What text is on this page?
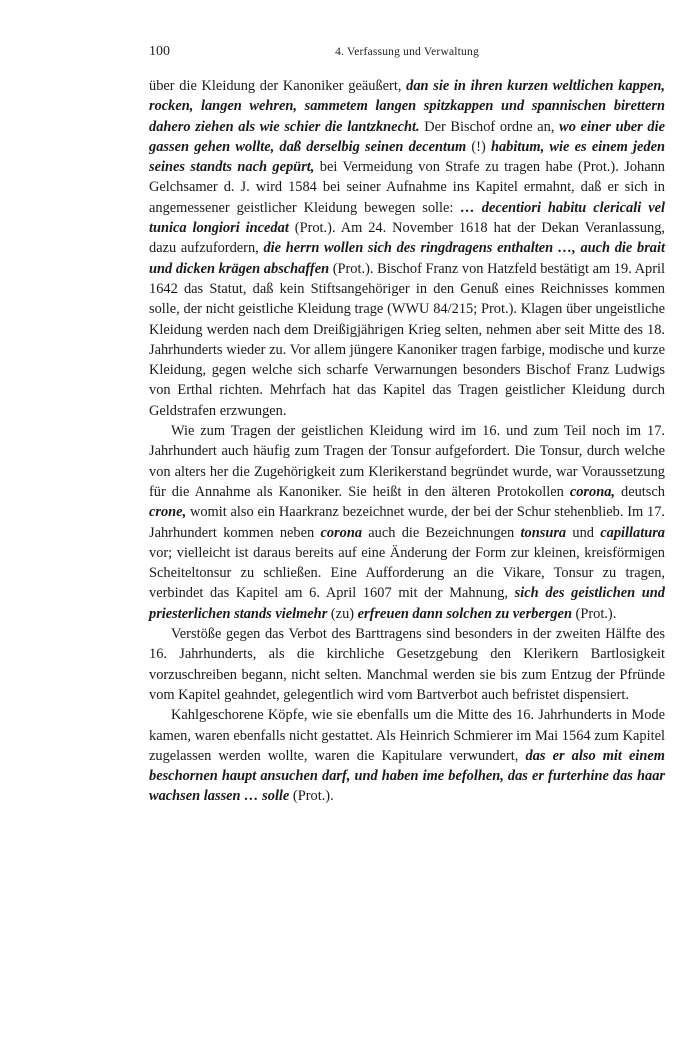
100	4. Verfassung und Verwaltung

über die Kleidung der Kanoniker geäußert, dan sie in ihren kurzen weltlichen kappen, rocken, langen wehren, sammetem langen spitzkappen und spannischen birettern dahero ziehen als wie schier die lantzknecht. Der Bischof ordne an, wo einer uber die gassen gehen wollte, daß derselbig seinen decentum (!) habitum, wie es einem jeden seines standts nach gepürt, bei Vermeidung von Strafe zu tragen habe (Prot.). Johann Gelchsamer d. J. wird 1584 bei seiner Aufnahme ins Kapitel ermahnt, daß er sich in angemessener geistlicher Kleidung bewegen solle: … decentiori habitu clericali vel tunica longiori incedat (Prot.). Am 24. November 1618 hat der Dekan Veranlassung, dazu aufzufordern, die herrn wollen sich des ringdragens enthalten …, auch die brait und dicken krägen abschaffen (Prot.). Bischof Franz von Hatzfeld bestätigt am 19. April 1642 das Statut, daß kein Stiftsangehöriger in den Genuß eines Reichnisses kommen solle, der nicht geistliche Kleidung trage (WWU 84/215; Prot.). Klagen über ungeistliche Kleidung werden nach dem Dreißigjährigen Krieg selten, nehmen aber seit Mitte des 18. Jahrhunderts wieder zu. Vor allem jüngere Kanoniker tragen farbige, modische und kurze Kleidung, gegen welche sich scharfe Verwarnungen besonders Bischof Franz Ludwigs von Erthal richten. Mehrfach hat das Kapitel das Tragen geistlicher Kleidung durch Geldstrafen erzwungen.

Wie zum Tragen der geistlichen Kleidung wird im 16. und zum Teil noch im 17. Jahrhundert auch häufig zum Tragen der Tonsur aufgefordert. Die Tonsur, durch welche von alters her die Zugehörigkeit zum Klerikerstand begründet wurde, war Voraussetzung für die Annahme als Kanoniker. Sie heißt in den älteren Protokollen corona, deutsch crone, womit also ein Haarkranz bezeichnet wurde, der bei der Schur stehenblieb. Im 17. Jahrhundert kommen neben corona auch die Bezeichnungen tonsura und capillatura vor; vielleicht ist daraus bereits auf eine Änderung der Form zur kleinen, kreisförmigen Scheiteltonsur zu schließen. Eine Aufforderung an die Vikare, Tonsur zu tragen, verbindet das Kapitel am 6. April 1607 mit der Mahnung, sich des geistlichen und priesterlichen stands vielmehr (zu) erfreuen dann solchen zu verbergen (Prot.).

Verstöße gegen das Verbot des Barttragens sind besonders in der zweiten Hälfte des 16. Jahrhunderts, als die kirchliche Gesetzgebung den Klerikern Bartlosigkeit vorzuschreiben begann, nicht selten. Manchmal werden sie bis zum Entzug der Pfründe vom Kapitel geahndet, gelegentlich wird vom Bartverbot auch befristet dispensiert.

Kahlgeschorene Köpfe, wie sie ebenfalls um die Mitte des 16. Jahrhunderts in Mode kamen, waren ebenfalls nicht gestattet. Als Heinrich Schmierer im Mai 1564 zum Kapitel zugelassen werden wollte, waren die Kapitulare verwundert, das er also mit einem beschornen haupt ansuchen darf, und haben ime befolhen, das er furterhine das haar wachsen lassen … solle (Prot.).
